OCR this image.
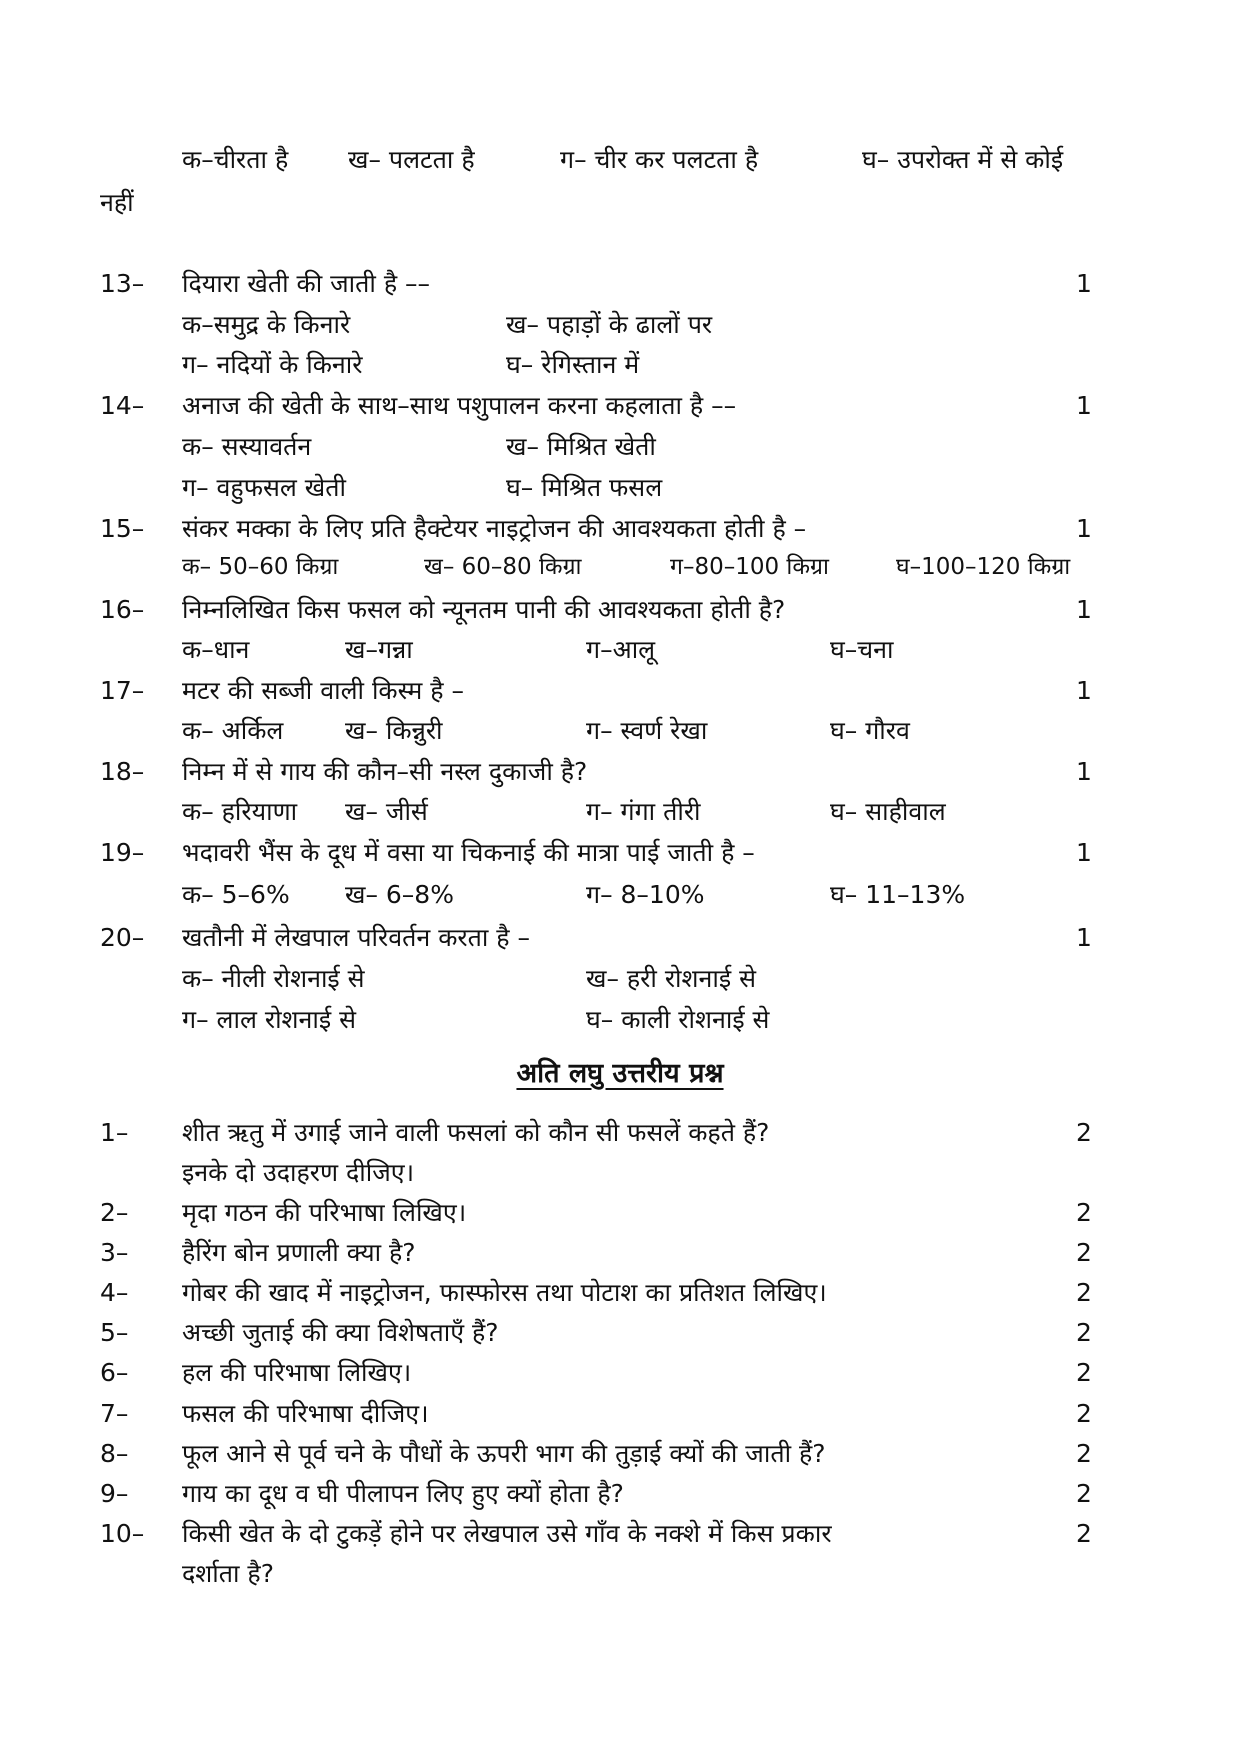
क–चीरता है ख– पलटता है	ग– चीर कर पलटता है	घ– उपरोक्त में से कोई
नहीं
13– दियारा खेती की जाती है ––	1
क–समुद्र के किनारे	ख– पहाड़ों के ढालों पर
ग– नदियों के किनारे	घ– रेगिस्तान में
14– अनाज की खेती के साथ–साथ पशुपालन करना कहलाता है ––	1
क– सस्यावर्तन	ख– मिश्रित खेती
ग– वहुफसल खेती	घ– मिश्रित फसल
15– संकर मक्का के लिए प्रति हैक्टेयर नाइट्रोजन की आवश्यकता होती है –	1
क– 50–60 किग्रा	ख– 60–80 किग्रा	ग–80–100 किग्रा	घ–100–120 किग्रा
16– निम्नलिखित किस फसल को न्यूनतम पानी की आवश्यकता होती है?	1
क–धान	ख–गन्ना	ग–आलू	घ–चना
17– मटर की सब्जी वाली किस्म है –	1
क– अर्किल ख– किन्नुरी	ग– स्वर्ण रेखा	घ– गौरव
18– निम्न में से गाय की कौन–सी नस्ल दुकाजी है?	1
क– हरियाणा ख– जीर्स	ग– गंगा तीरी	घ– साहीवाल
19– भदावरी भैंस के दूध में वसा या चिकनाई की मात्रा पाई जाती है –	1
क– 5–6% ख– 6–8%	ग– 8–10%	घ– 11–13%
20– खतौनी में लेखपाल परिवर्तन करता है –	1
क– नीली रोशनाई से	ख– हरी रोशनाई से
ग– लाल रोशनाई से	घ– काली रोशनाई से
अति लघु उत्तरीय प्रश्न
1– शीत ऋतु में उगाई जाने वाली फसलां को कौन सी फसलें कहते हैं?
इनके दो उदाहरण दीजिए।
2
2– मृदा गठन की परिभाषा लिखिए।	2
3– हैरिंग बोन प्रणाली क्या है?	2
4– गोबर की खाद में नाइट्रोजन, फास्फोरस तथा पोटाश का प्रतिशत लिखिए।	2
5– अच्छी जुताई की क्या विशेषताएँ हैं?	2
6– हल की परिभाषा लिखिए।	2
7– फसल की परिभाषा दीजिए।	2
8– फूल आने से पूर्व चने के पौधों के ऊपरी भाग की तुड़ाई क्यों की जाती हैं?	2
9– गाय का दूध व घी पीलापन लिए हुए क्यों होता है?	2
10– किसी खेत के दो टुकड़ें होने पर लेखपाल उसे गाँव के नक्शे में किस प्रकार
दर्शाता है?
2
